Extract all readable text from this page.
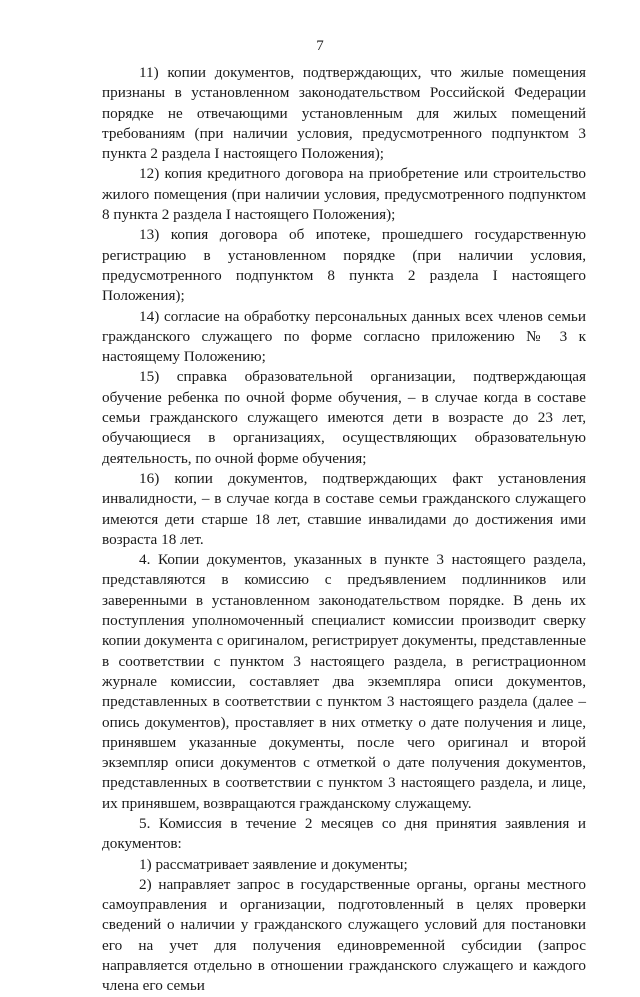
7

11) копии документов, подтверждающих, что жилые помещения признаны в установленном законодательством Российской Федерации порядке не отвечающими установленным для жилых помещений требованиям (при наличии условия, предусмотренного подпунктом 3 пункта 2 раздела I настоящего Положения);

12) копия кредитного договора на приобретение или строительство жилого помещения (при наличии условия, предусмотренного подпунктом 8 пункта 2 раздела I настоящего Положения);

13) копия договора об ипотеке, прошедшего государственную регистрацию в установленном порядке (при наличии условия, предусмотренного подпунктом 8 пункта 2 раздела I настоящего Положения);

14) согласие на обработку персональных данных всех членов семьи гражданского служащего по форме согласно приложению № 3 к настоящему Положению;

15) справка образовательной организации, подтверждающая обучение ребенка по очной форме обучения, – в случае когда в составе семьи гражданского служащего имеются дети в возрасте до 23 лет, обучающиеся в организациях, осуществляющих образовательную деятельность, по очной форме обучения;

16) копии документов, подтверждающих факт установления инвалидности, – в случае когда в составе семьи гражданского служащего имеются дети старше 18 лет, ставшие инвалидами до достижения ими возраста 18 лет.

4. Копии документов, указанных в пункте 3 настоящего раздела, представляются в комиссию с предъявлением подлинников или заверенными в установленном законодательством порядке. В день их поступления уполномоченный специалист комиссии производит сверку копии документа с оригиналом, регистрирует документы, представленные в соответствии с пунктом 3 настоящего раздела, в регистрационном журнале комиссии, составляет два экземпляра описи документов, представленных в соответствии с пунктом 3 настоящего раздела (далее – опись документов), проставляет в них отметку о дате получения и лице, принявшем указанные документы, после чего оригинал и второй экземпляр описи документов с отметкой о дате получения документов, представленных в соответствии с пунктом 3 настоящего раздела, и лице, их принявшем, возвращаются гражданскому служащему.

5. Комиссия в течение 2 месяцев со дня принятия заявления и документов:

1) рассматривает заявление и документы;

2) направляет запрос в государственные органы, органы местного самоуправления и организации, подготовленный в целях проверки сведений о наличии у гражданского служащего условий для постановки его на учет для получения единовременной субсидии (запрос направляется отдельно в отношении гражданского служащего и каждого члена его семьи
